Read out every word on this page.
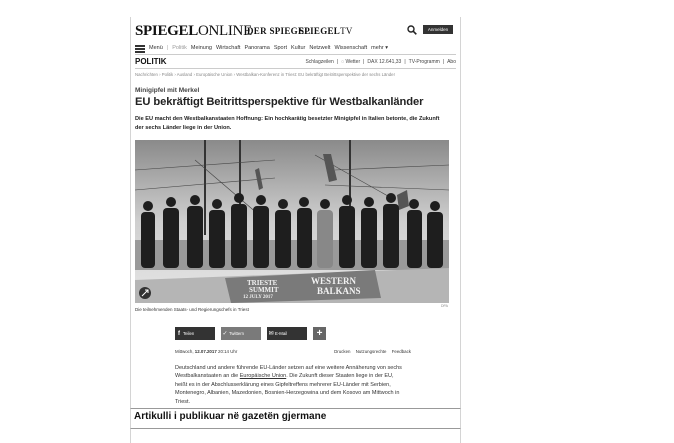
SPIEGELONLINE
DER SPIEGEL
SPIEGELTV	Anmelden
Menü | Politik Meinung Wirtschaft Panorama Sport Kultur Netzwelt Wissenschaft mehr ▾
POLITIK	Schlagzeilen | ◌ Wetter | DAX 12.641,33 | TV-Programm | Abo
Nachrichten › Politik › Ausland › Europäische Union › Westbalkan-Konferenz in Triest: EU bekräftigt Beitrittsperspektive der sechs Länder
Minigipfel mit Merkel
EU bekräftigt Beitrittsperspektive für Westbalkanländer
Die EU macht den Westbalkanstaaten Hoffnung: Ein hochkarätig besetzter Minigipfel in Italien betonte, die Zukunft der sechs Länder liege in der Union.
TRIESTE
SUMMIT
12 JULY 2017
WESTERN
BALKANS
DPA
Die teilnehmenden Staats- und Regierungschefs in Triest
f Teilen	✓Twittern	✉E-Mail	+
Mittwoch, 12.07.2017 20:14 Uhr	Drucken Nutzungsrechte Feedback
Deutschland und andere führende EU-Länder setzen auf eine weitere Annäherung von sechs Westbalkanstaaten an die Europäische Union. Die Zukunft dieser Staaten liege in der EU, heißt es in der Abschlusserklärung eines Gipfeltreffens mehrerer EU-Länder mit Serbien, Montenegro, Albanien, Mazedonien, Bosnien-Herzegowina und dem Kosovo am Mittwoch in Triest.
Artikulli i publikuar në gazetën gjermane
